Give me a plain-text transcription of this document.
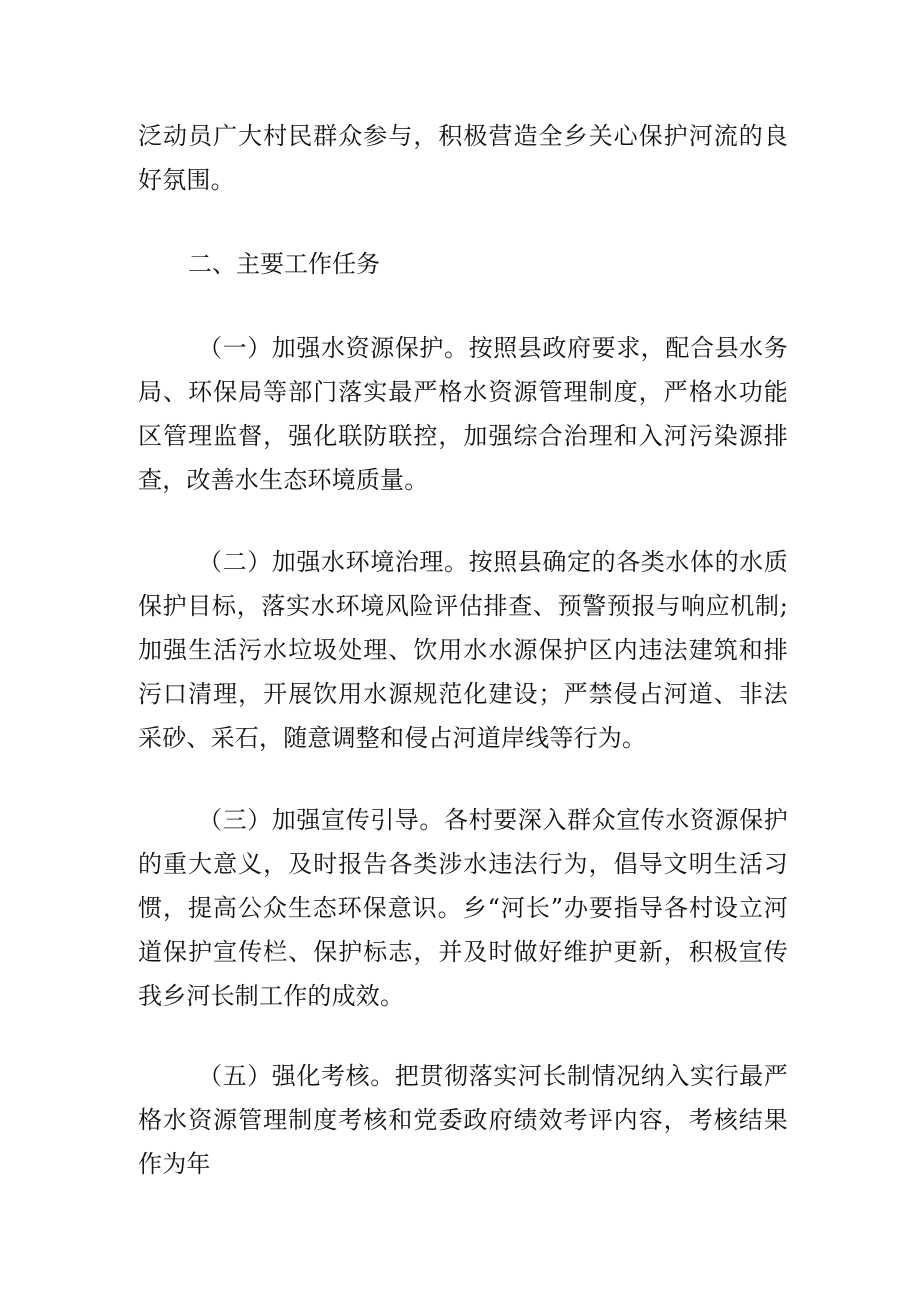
泛动员广大村民群众参与，积极营造全乡关心保护河流的良好氛围。

二、主要工作任务

（一）加强水资源保护。按照县政府要求，配合县水务局、环保局等部门落实最严格水资源管理制度，严格水功能区管理监督，强化联防联控，加强综合治理和入河污染源排查，改善水生态环境质量。

（二）加强水环境治理。按照县确定的各类水体的水质保护目标，落实水环境风险评估排查、预警预报与响应机制;加强生活污水垃圾处理、饮用水水源保护区内违法建筑和排污口清理，开展饮用水源规范化建设；严禁侵占河道、非法采砂、采石，随意调整和侵占河道岸线等行为。

（三）加强宣传引导。各村要深入群众宣传水资源保护的重大意义，及时报告各类涉水违法行为，倡导文明生活习惯，提高公众生态环保意识。乡“河长”办要指导各村设立河道保护宣传栏、保护标志，并及时做好维护更新，积极宣传我乡河长制工作的成效。

（五）强化考核。把贯彻落实河长制情况纳入实行最严格水资源管理制度考核和党委政府绩效考评内容，考核结果作为年
